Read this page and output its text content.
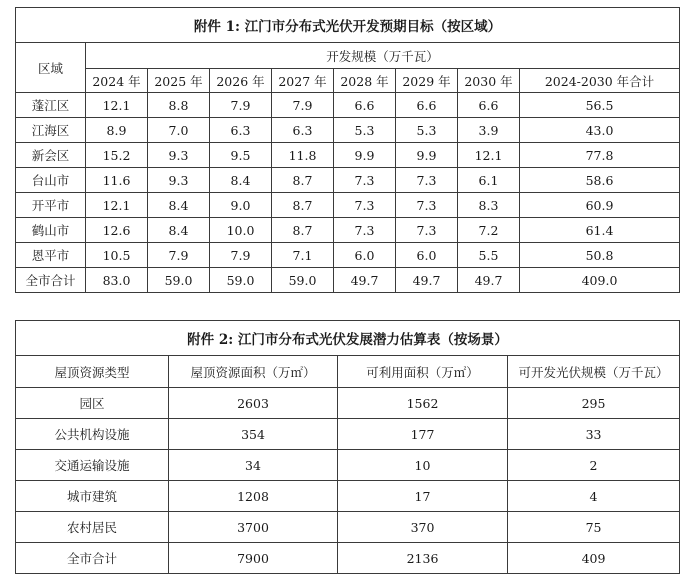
附件 1: 江门市分布式光伏开发预期目标（按区域）								
区域	开发规模（万千瓦）							
	2024 年	2025 年	2026 年	2027 年	2028 年	2029 年	2030 年	2024-2030 年合计
蓬江区	12.1	8.8	7.9	7.9	6.6	6.6	6.6	56.5
江海区	8.9	7.0	6.3	6.3	5.3	5.3	3.9	43.0
新会区	15.2	9.3	9.5	11.8	9.9	9.9	12.1	77.8
台山市	11.6	9.3	8.4	8.7	7.3	7.3	6.1	58.6
开平市	12.1	8.4	9.0	8.7	7.3	7.3	8.3	60.9
鹤山市	12.6	8.4	10.0	8.7	7.3	7.3	7.2	61.4
恩平市	10.5	7.9	7.9	7.1	6.0	6.0	5.5	50.8
全市合计	83.0	59.0	59.0	59.0	49.7	49.7	49.7	409.0
附件 2: 江门市分布式光伏发展潜力估算表（按场景）			
屋顶资源类型	屋顶资源面积（万㎡）	可利用面积（万㎡）	可开发光伏规模（万千瓦）
园区	2603	1562	295
公共机构设施	354	177	33
交通运输设施	34	10	2
城市建筑	1208	17	4
农村居民	3700	370	75
全市合计	7900	2136	409
